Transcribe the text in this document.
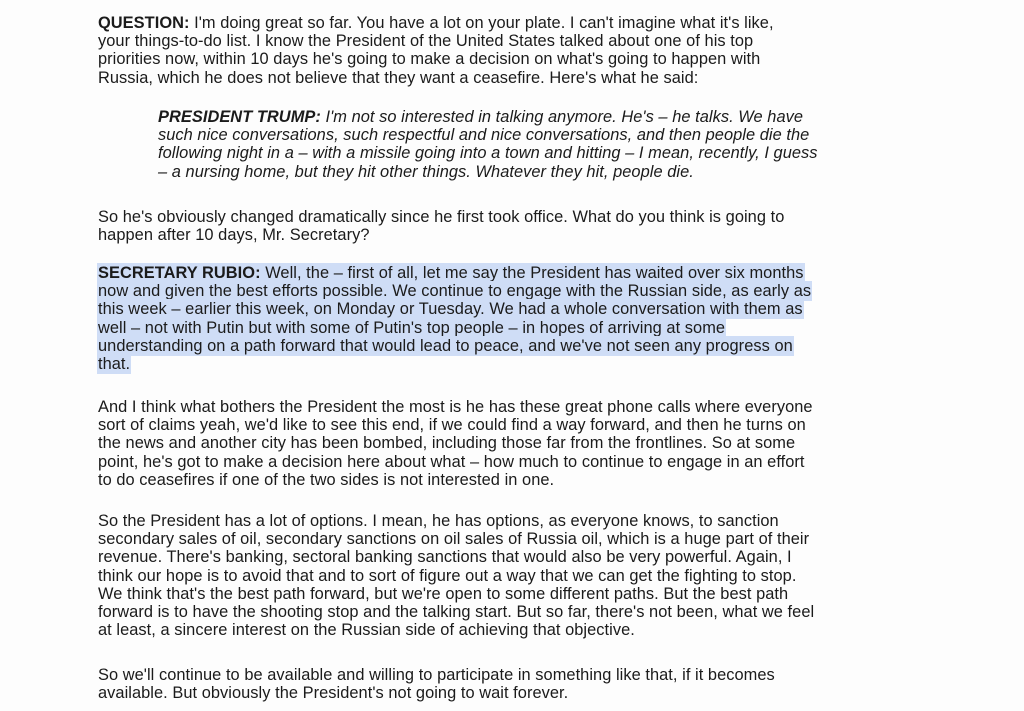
QUESTION: I'm doing great so far. You have a lot on your plate. I can't imagine what it's like,
your things-to-do list. I know the President of the United States talked about one of his top
priorities now, within 10 days he's going to make a decision on what's going to happen with
Russia, which he does not believe that they want a ceasefire. Here's what he said:

PRESIDENT TRUMP: I'm not so interested in talking anymore. He's – he talks. We have
such nice conversations, such respectful and nice conversations, and then people die the
following night in a – with a missile going into a town and hitting – I mean, recently, I guess
– a nursing home, but they hit other things. Whatever they hit, people die.

So he's obviously changed dramatically since he first took office. What do you think is going to
happen after 10 days, Mr. Secretary?

SECRETARY RUBIO: Well, the – first of all, let me say the President has waited over six months
now and given the best efforts possible. We continue to engage with the Russian side, as early as
this week – earlier this week, on Monday or Tuesday. We had a whole conversation with them as
well – not with Putin but with some of Putin's top people – in hopes of arriving at some
understanding on a path forward that would lead to peace, and we've not seen any progress on
that.

And I think what bothers the President the most is he has these great phone calls where everyone
sort of claims yeah, we'd like to see this end, if we could find a way forward, and then he turns on
the news and another city has been bombed, including those far from the frontlines. So at some
point, he's got to make a decision here about what – how much to continue to engage in an effort
to do ceasefires if one of the two sides is not interested in one.

So the President has a lot of options. I mean, he has options, as everyone knows, to sanction
secondary sales of oil, secondary sanctions on oil sales of Russia oil, which is a huge part of their
revenue. There's banking, sectoral banking sanctions that would also be very powerful. Again, I
think our hope is to avoid that and to sort of figure out a way that we can get the fighting to stop.
We think that's the best path forward, but we're open to some different paths. But the best path
forward is to have the shooting stop and the talking start. But so far, there's not been, what we feel
at least, a sincere interest on the Russian side of achieving that objective.

So we'll continue to be available and willing to participate in something like that, if it becomes
available. But obviously the President's not going to wait forever.
